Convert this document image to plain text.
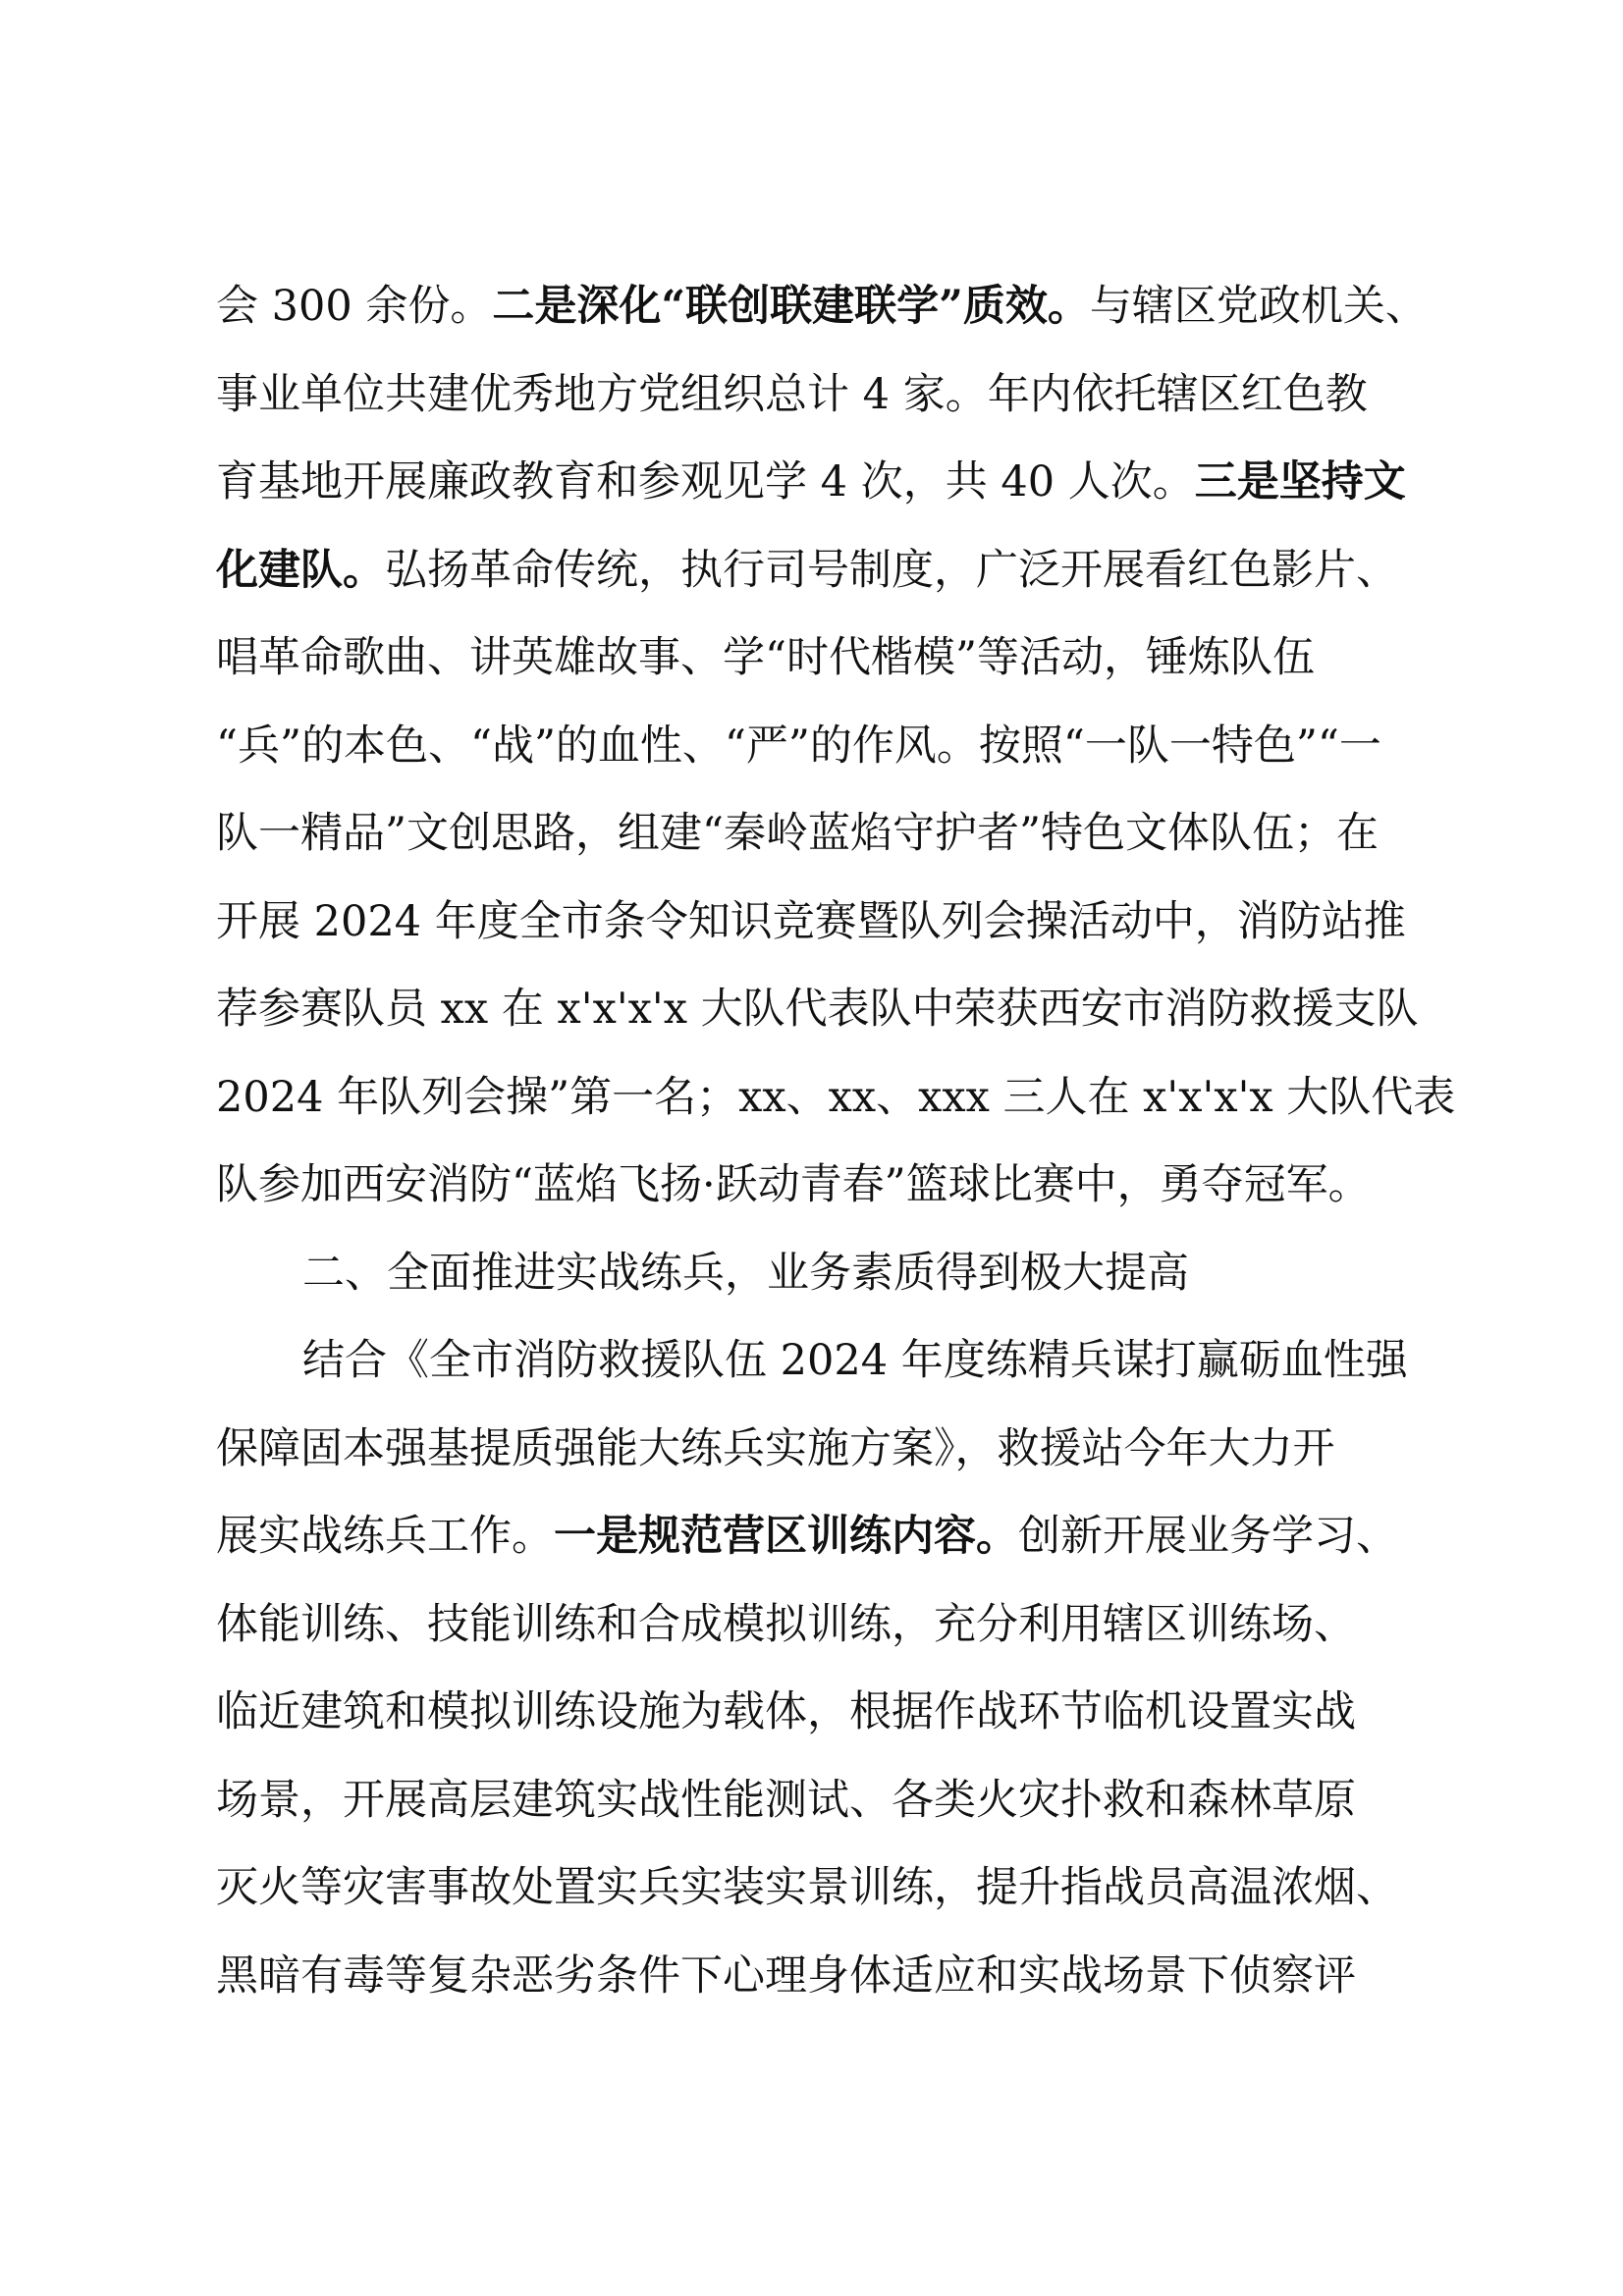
会 300 余份。二是深化“联创联建联学”质效。与辖区党政机关、
事业单位共建优秀地方党组织总计 4 家。年内依托辖区红色教
育基地开展廉政教育和参观见学 4 次，共 40 人次。三是坚持文
化建队。弘扬革命传统，执行司号制度，广泛开展看红色影片、
唱革命歌曲、讲英雄故事、学“时代楷模”等活动，锤炼队伍
“兵”的本色、“战”的血性、“严”的作风。按照“一队一特色”“一
队一精品”文创思路，组建“秦岭蓝焰守护者”特色文体队伍；在
开展 2024 年度全市条令知识竞赛暨队列会操活动中，消防站推
荐参赛队员 xx 在 x'x'x'x 大队代表队中荣获西安市消防救援支队
2024 年队列会操”第一名；xx、xx、xxx 三人在 x'x'x'x 大队代表
队参加西安消防“蓝焰飞扬·跃动青春”篮球比赛中，勇夺冠军。
二、全面推进实战练兵，业务素质得到极大提高
结合《全市消防救援队伍 2024 年度练精兵谋打赢砺血性强
保障固本强基提质强能大练兵实施方案》，救援站今年大力开
展实战练兵工作。一是规范营区训练内容。创新开展业务学习、
体能训练、技能训练和合成模拟训练，充分利用辖区训练场、
临近建筑和模拟训练设施为载体，根据作战环节临机设置实战
场景，开展高层建筑实战性能测试、各类火灾扑救和森林草原
灭火等灾害事故处置实兵实装实景训练，提升指战员高温浓烟、
黑暗有毒等复杂恶劣条件下心理身体适应和实战场景下侦察评
